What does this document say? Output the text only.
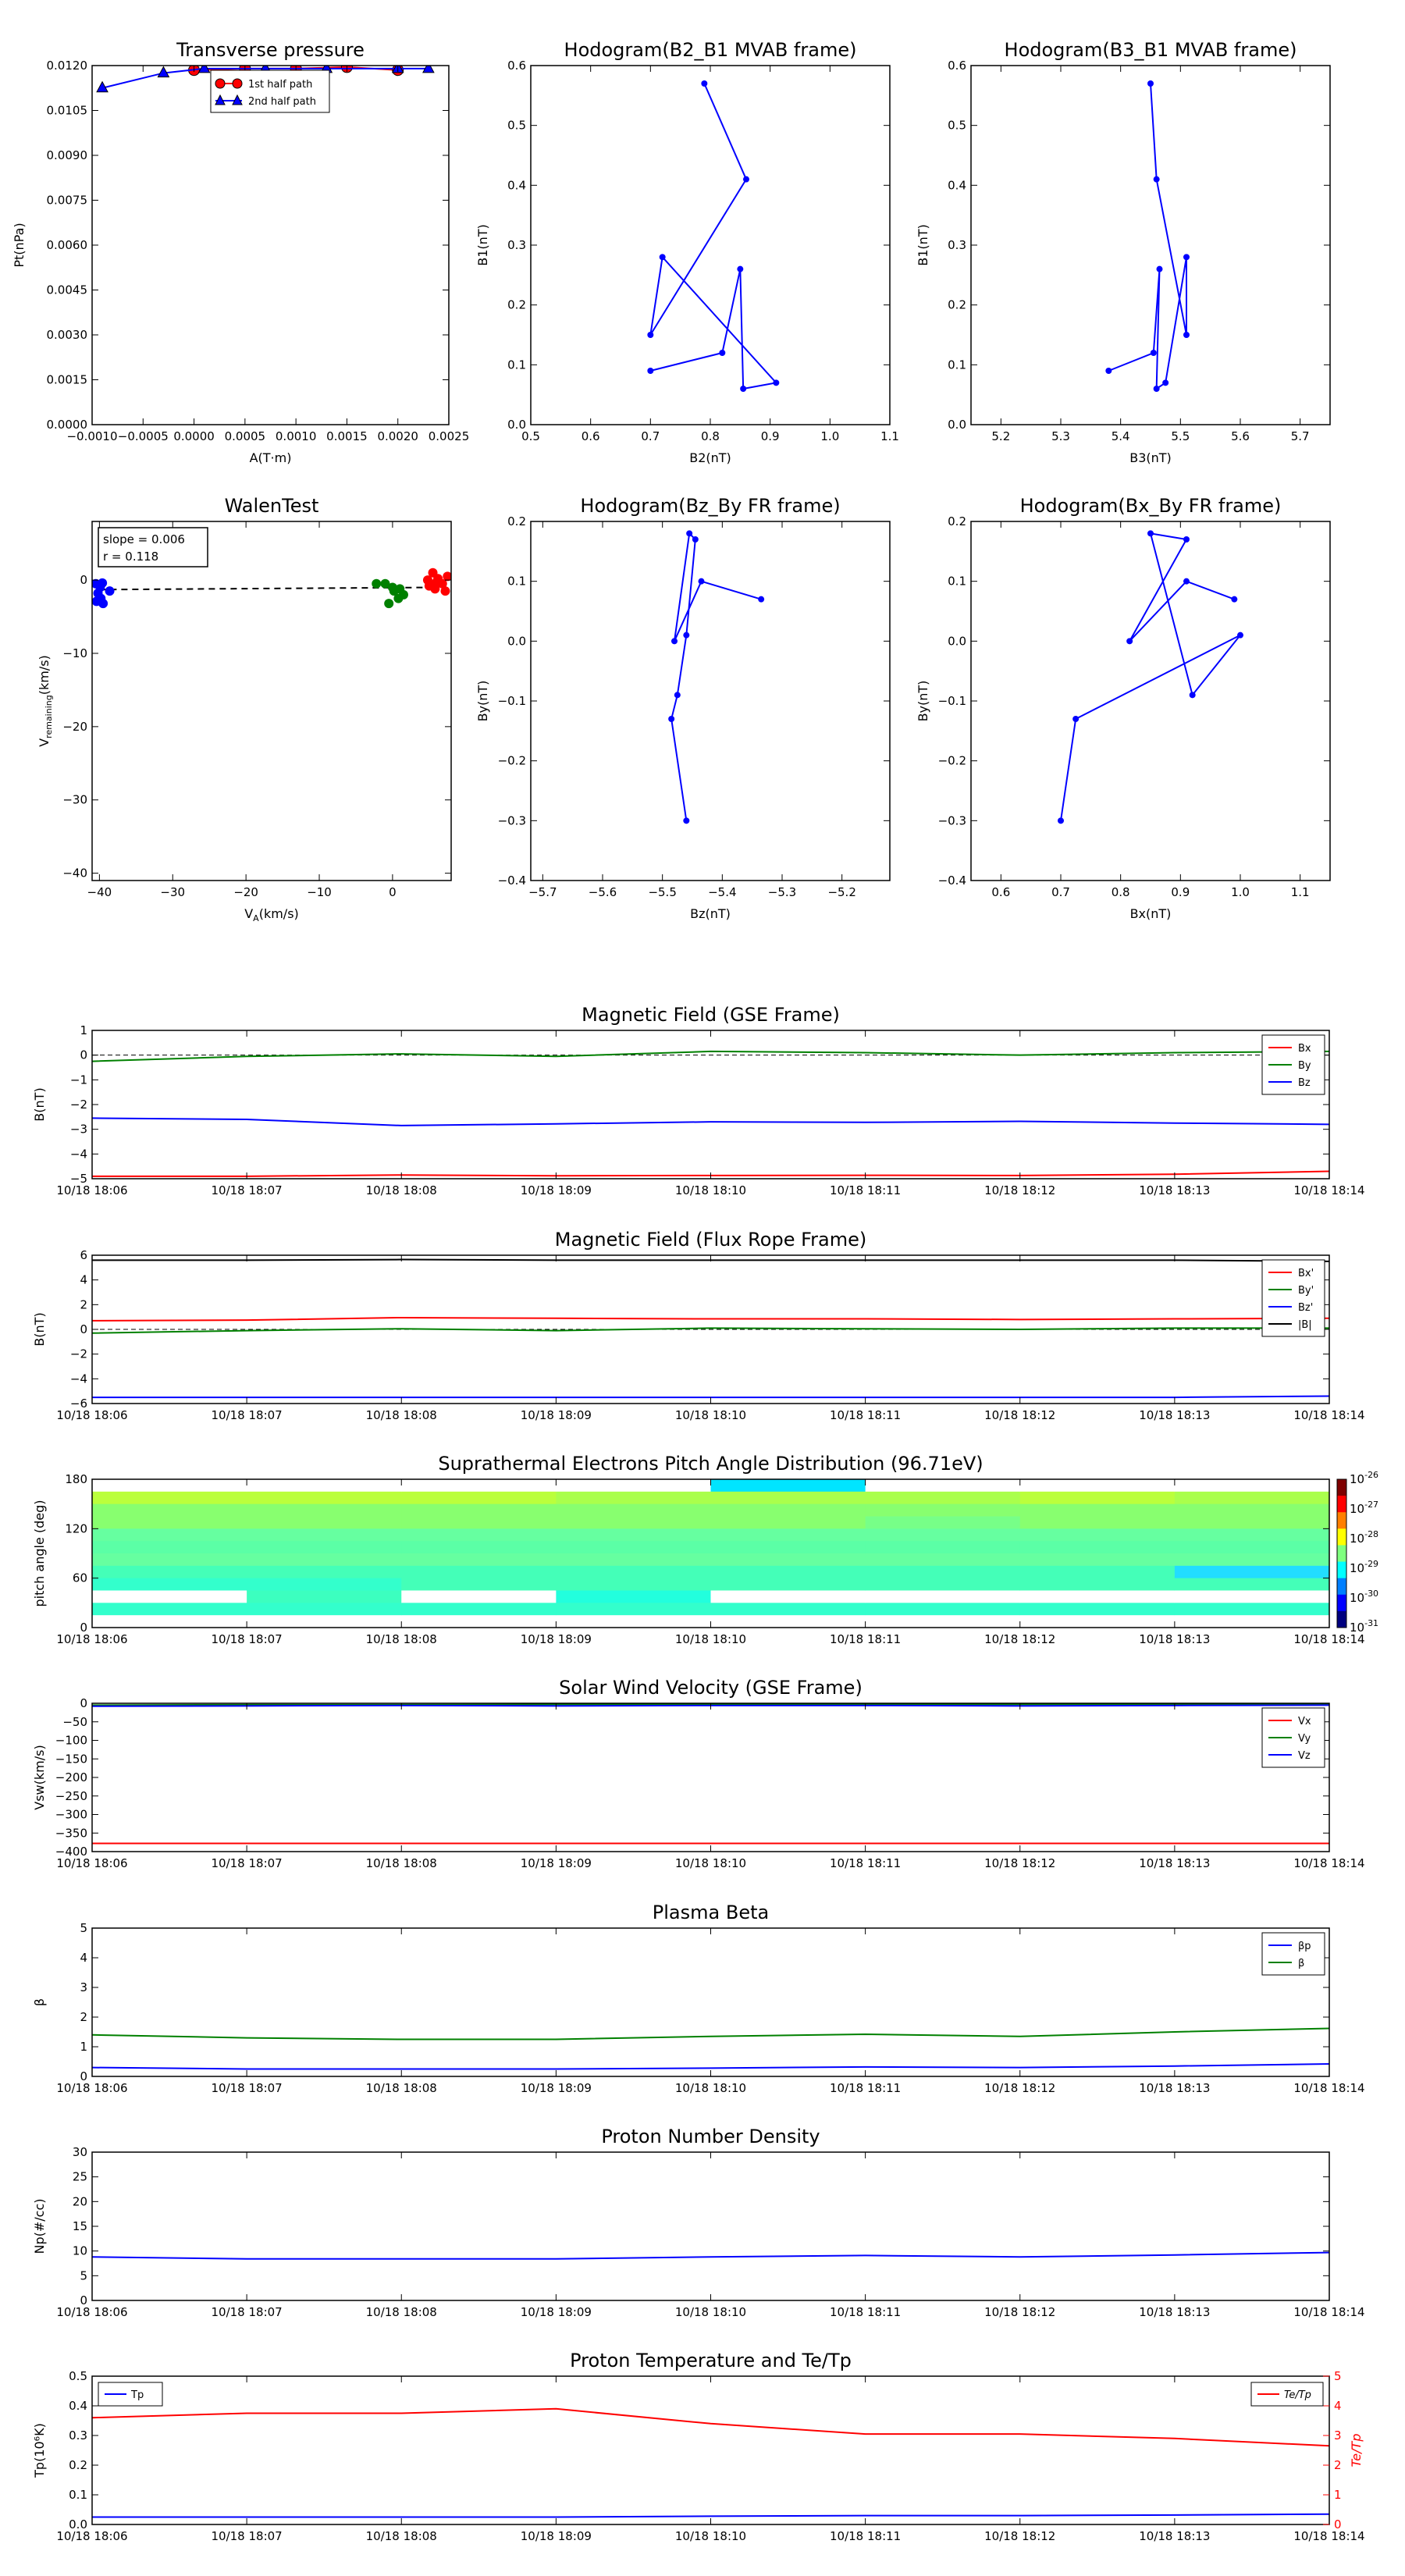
Transverse pressure
−0.0010 −0.0005 0.0000 0.0005 0.0010 0.0015 0.0020 0.0025
0.0000
0.0015
0.0030
0.0045
0.0060
0.0075
0.0090
0.0105
0.0120
A(T·m)
Pt(nPa)
1st half path
2nd half path
Hodogram(B2_B1 MVAB frame)
0.5	0.6	0.7	0.8	0.9	1.0	1.1
0.0
0.1
0.2
0.3
0.4
0.5
0.6
B2(nT)
B1(nT)
Hodogram(B3_B1 MVAB frame)
5.2	5.3	5.4	5.5	5.6	5.7
0.0
0.1
0.2
0.3
0.4
0.5
0.6
B3(nT)
B1(nT)
WalenTest
−40	−30	−20	−10	0
−40
−30
−20
−10
0
$V_A(km/s)$
$V_{remaining}(km/s)$
slope = 0.006
r = 0.118
Hodogram(Bz_By FR frame)
−5.7	−5.6	−5.5	−5.4	−5.3	−5.2
−0.4
−0.3
−0.2
−0.1
0.0
0.1
0.2
Bz(nT)
By(nT)
Hodogram(Bx_By FR frame)
0.6	0.7	0.8	0.9	1.0	1.1
−0.4
−0.3
−0.2
−0.1
0.0
0.1
0.2
Bx(nT)
By(nT)
Magnetic Field (GSE Frame)
10/18 18:06	10/18 18:07	10/18 18:08	10/18 18:09	10/18 18:10	10/18 18:11	10/18 18:12	10/18 18:13	10/18 18:14
−5
−4
−3
−2
−1
0
1
B(nT)
Bx
By
Bz
Magnetic Field (Flux Rope Frame)
10/18 18:06	10/18 18:07	10/18 18:08	10/18 18:09	10/18 18:10	10/18 18:11	10/18 18:12	10/18 18:13	10/18 18:14
−6
−4
−2
0
2
4
6
B(nT)
Bx'
By'
Bz'
|B|
Suprathermal Electrons Pitch Angle Distribution (96.71eV)
$10^{-26}$
$10^{-27}$
$10^{-28}$
$10^{-29}$
$10^{-30}$
$10^{-31}$
10/18 18:06	10/18 18:07	10/18 18:08	10/18 18:09	10/18 18:10	10/18 18:11	10/18 18:12	10/18 18:13	10/18 18:14
0
60
120
180
pitch angle (deg)
Solar Wind Velocity (GSE Frame)
10/18 18:06	10/18 18:07	10/18 18:08	10/18 18:09	10/18 18:10	10/18 18:11	10/18 18:12	10/18 18:13	10/18 18:14
−400
−350
−300
−250
−200
−150
−100
−50
0
Vsw(km/s)
Vx
Vy
Vz
Plasma Beta
10/18 18:06	10/18 18:07	10/18 18:08	10/18 18:09	10/18 18:10	10/18 18:11	10/18 18:12	10/18 18:13	10/18 18:14
0
1
2
3
4
5
β
βp
β
Proton Number Density
10/18 18:06	10/18 18:07	10/18 18:08	10/18 18:09	10/18 18:10	10/18 18:11	10/18 18:12	10/18 18:13	10/18 18:14
0
5
10
15
20
25
30
Np(#/cc)
Proton Temperature and Te/Tp
10/18 18:06	10/18 18:07	10/18 18:08	10/18 18:09	10/18 18:10	10/18 18:11	10/18 18:12	10/18 18:13	10/18 18:14
0.0
0.1
0.2
0.3
0.4
0.5
0
1
2
3
4
5
Te/Tp
Tp(10⁶K)
Tp	Te/Tp
